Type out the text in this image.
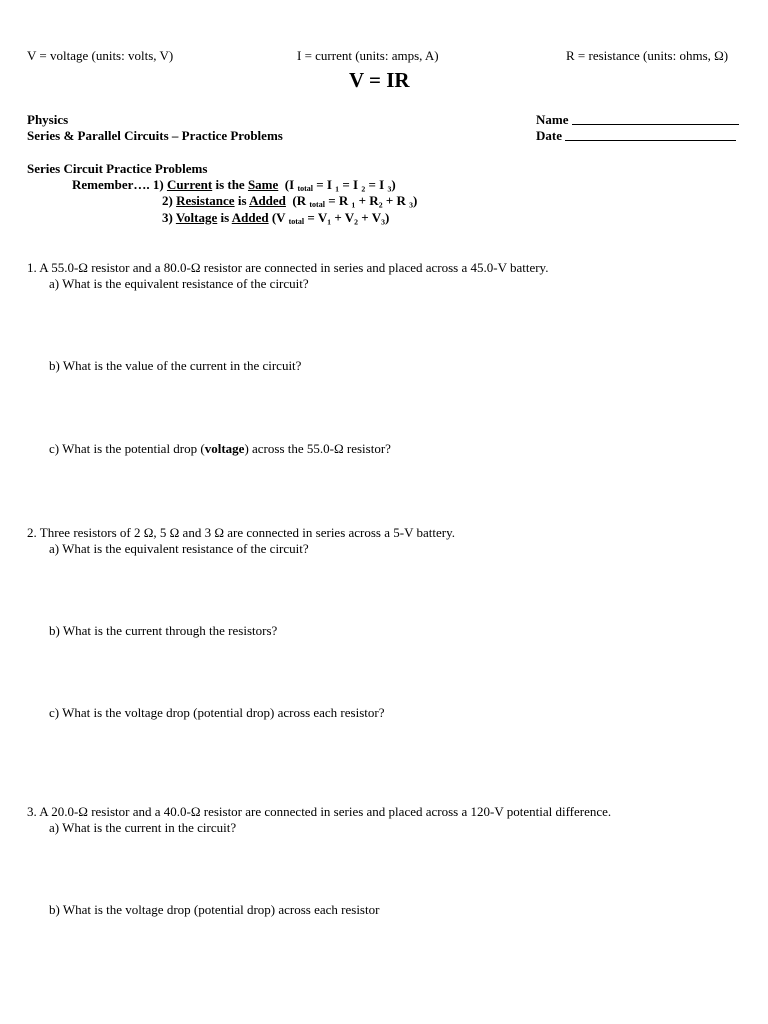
V = voltage (units: volts, V)	I = current (units: amps, A)	R = resistance (units: ohms, Ω)
V = IR
Physics
Series & Parallel Circuits – Practice Problems
Name
Date
Series Circuit Practice Problems
Remember…. 1) Current is the Same (I $_{total}$ = I ₁ = I ₂ = I ₃)
2) Resistance is Added (R $_{total}$ = R ₁ + R₂ + R ₃)
3) Voltage is Added (V $_{total}$ = V₁ + V₂ + V₃)
1. A 55.0-Ω resistor and a 80.0-Ω resistor are connected in series and placed across a 45.0-V battery.
a) What is the equivalent resistance of the circuit?
b) What is the value of the current in the circuit?
c) What is the potential drop (voltage) across the 55.0-Ω resistor?
2. Three resistors of 2 Ω, 5 Ω and 3 Ω are connected in series across a 5-V battery.
a) What is the equivalent resistance of the circuit?
b) What is the current through the resistors?
c) What is the voltage drop (potential drop) across each resistor?
3. A 20.0-Ω resistor and a 40.0-Ω resistor are connected in series and placed across a 120-V potential difference.
a) What is the current in the circuit?
b) What is the voltage drop (potential drop) across each resistor
